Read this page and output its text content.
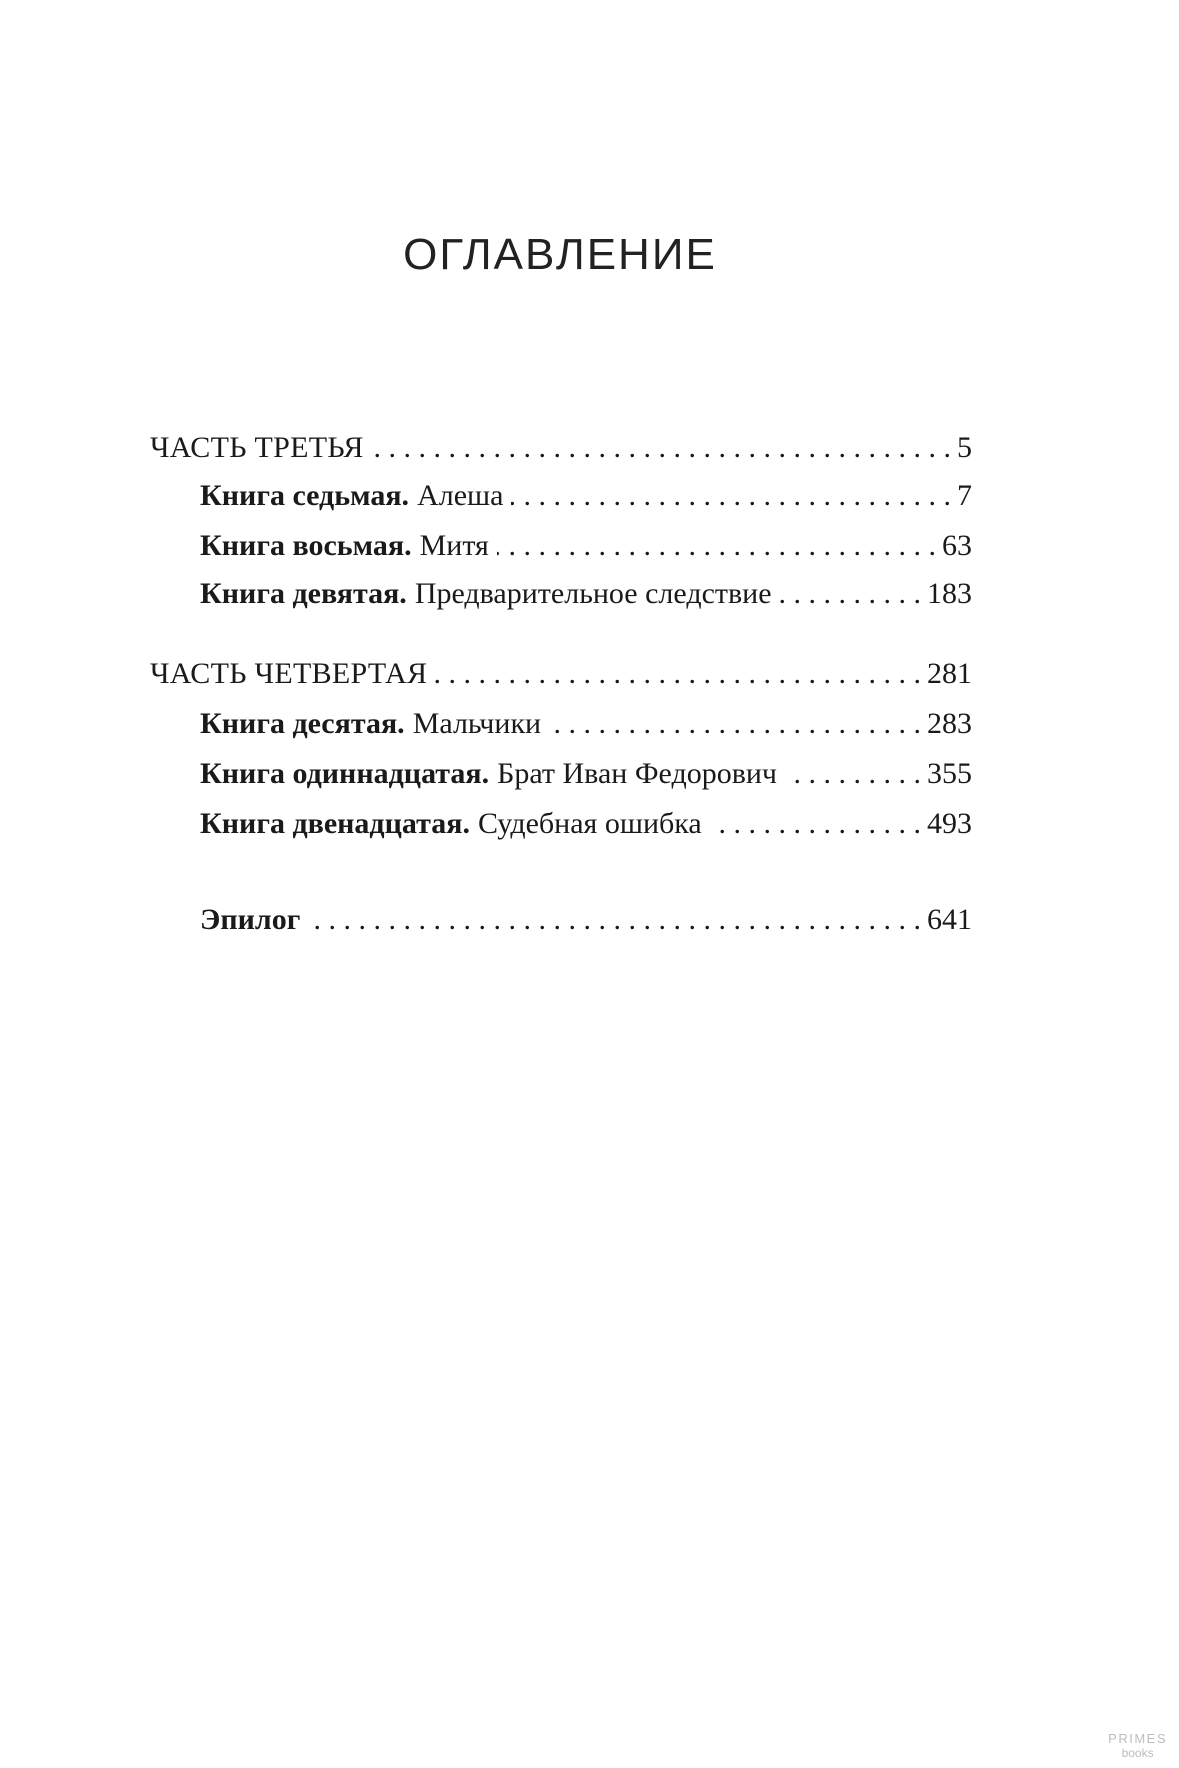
ОГЛАВЛЕНИЕ
ЧАСТЬ ТРЕТЬЯ . . .	5
Книга седьмая. Алеша . . .	7
Книга восьмая. Митя . . .	63
Книга девятая. Предварительное следствие . . .	183
ЧАСТЬ ЧЕТВЕРТАЯ . . .	281
Книга десятая. Мальчики . . .	283
Книга одиннадцатая. Брат Иван Федорович . . .	355
Книга двенадцатая. Судебная ошибка . . .	493
Эпилог . . .	641
PRIMES
books
